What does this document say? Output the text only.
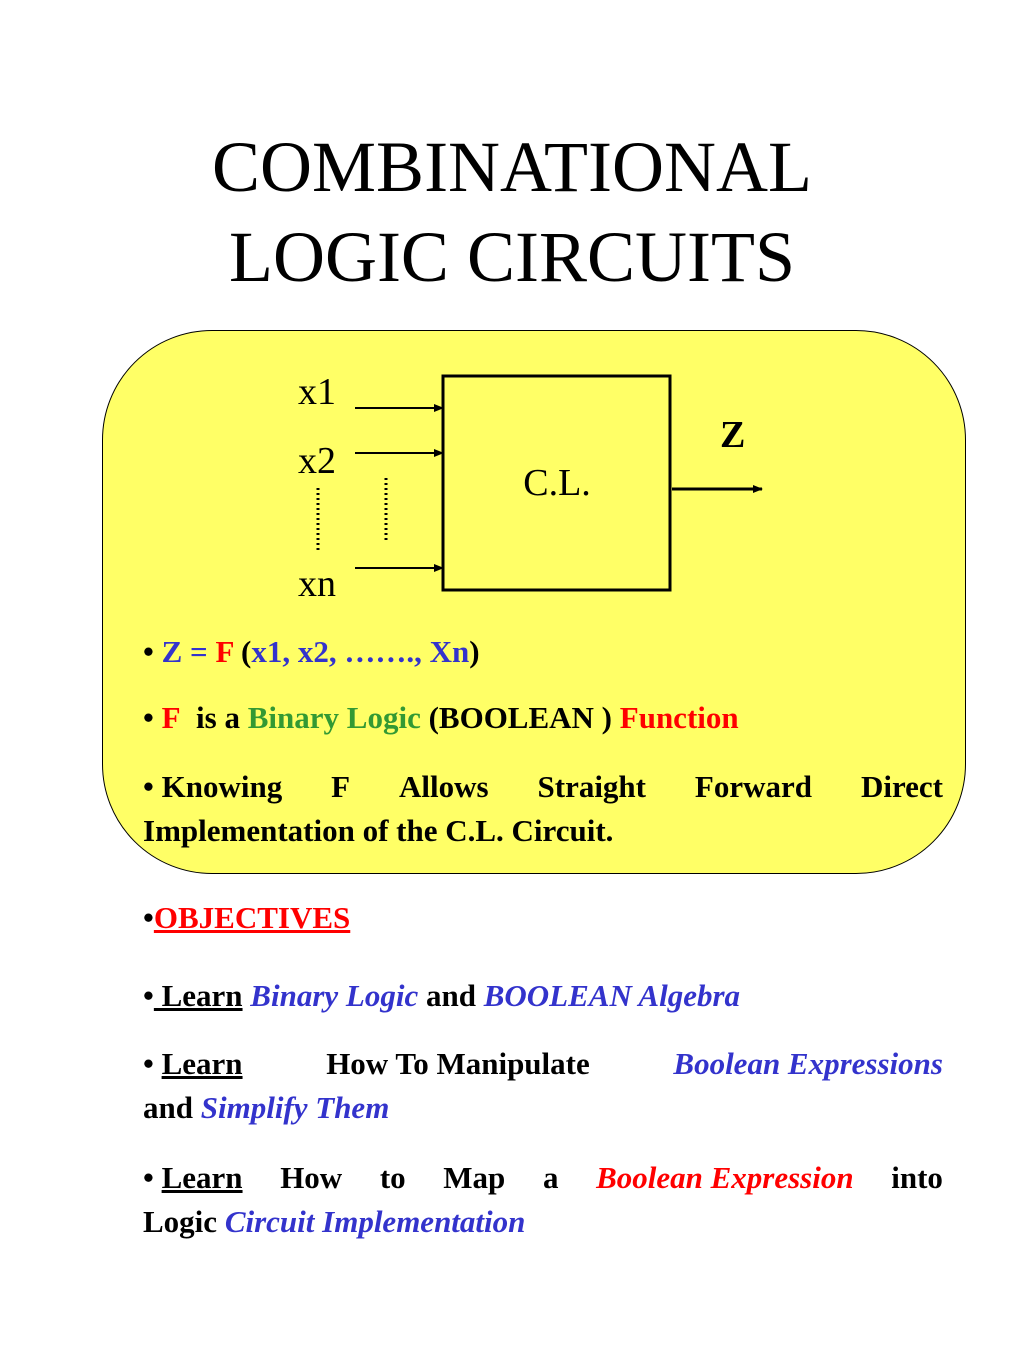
COMBINATIONAL
LOGIC CIRCUITS
x1
x2
xn
C.L.
Z
• Z = F (x1, x2, ……., Xn)
• F is a Binary Logic (BOOLEAN ) Function
• Knowing F Allows Straight Forward Direct
Implementation of the C.L. Circuit.
•OBJECTIVES
• Learn Binary Logic and BOOLEAN Algebra
• Learn	How To Manipulate	Boolean Expressions
and Simplify Them
• Learn How to Map a Boolean Expression into
Logic Circuit Implementation
